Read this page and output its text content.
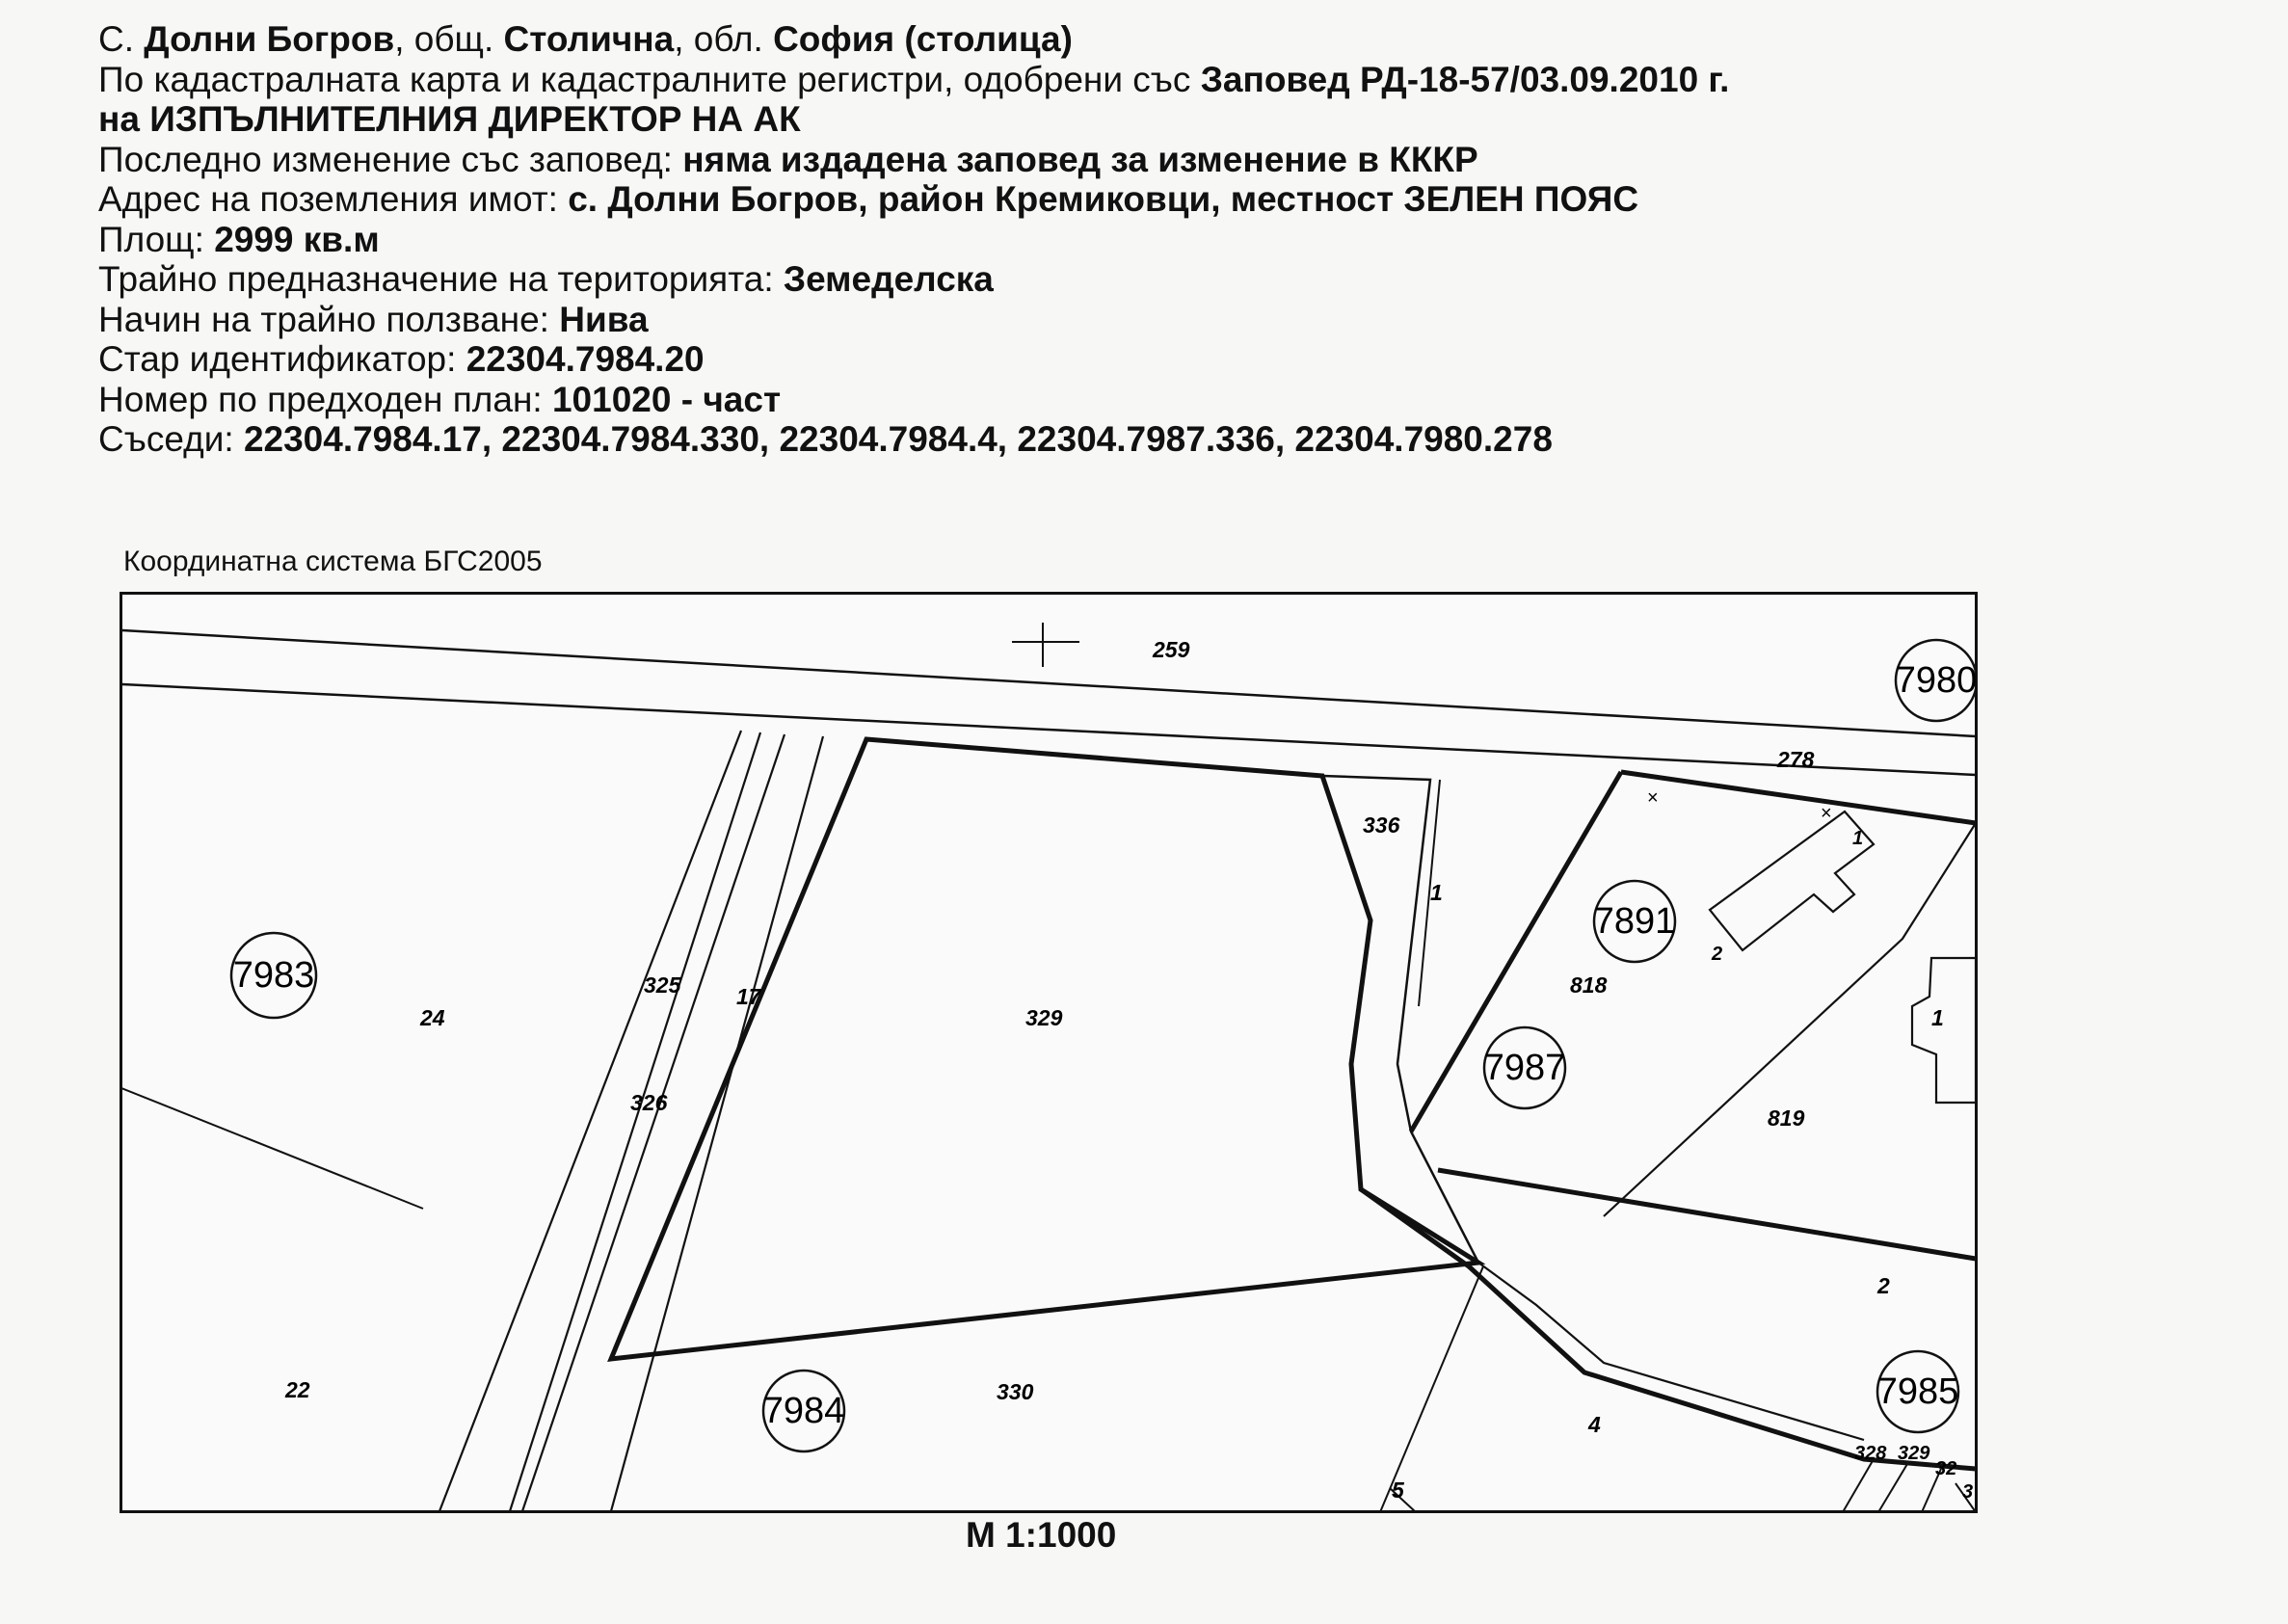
С. Долни Богров, общ. Столична, обл. София (столица)
По кадастралната карта и кадастралните регистри, одобрени със Заповед РД-18-57/03.09.2010 г.
на ИЗПЪЛНИТЕЛНИЯ ДИРЕКТОР НА АК
Последно изменение със заповед: няма издадена заповед за изменение в КККР
Адрес на поземления имот: с. Долни Богров, район Кремиковци, местност ЗЕЛЕН ПОЯС
Площ: 2999 кв.м
Трайно предназначение на територията: Земеделска
Начин на трайно ползване: Нива
Стар идентификатор: 22304.7984.20
Номер по предходен план: 101020 - част
Съседи: 22304.7984.17, 22304.7984.330, 22304.7984.4, 22304.7987.336, 22304.7980.278
Координатна система БГС2005
×
×
7980
7891
7983
7987
7984	7985
259
278
336
1
818
24
325	17
329
326
1
819
2
22	330
4
5
328 329
32
3
1
2
М 1:1000
